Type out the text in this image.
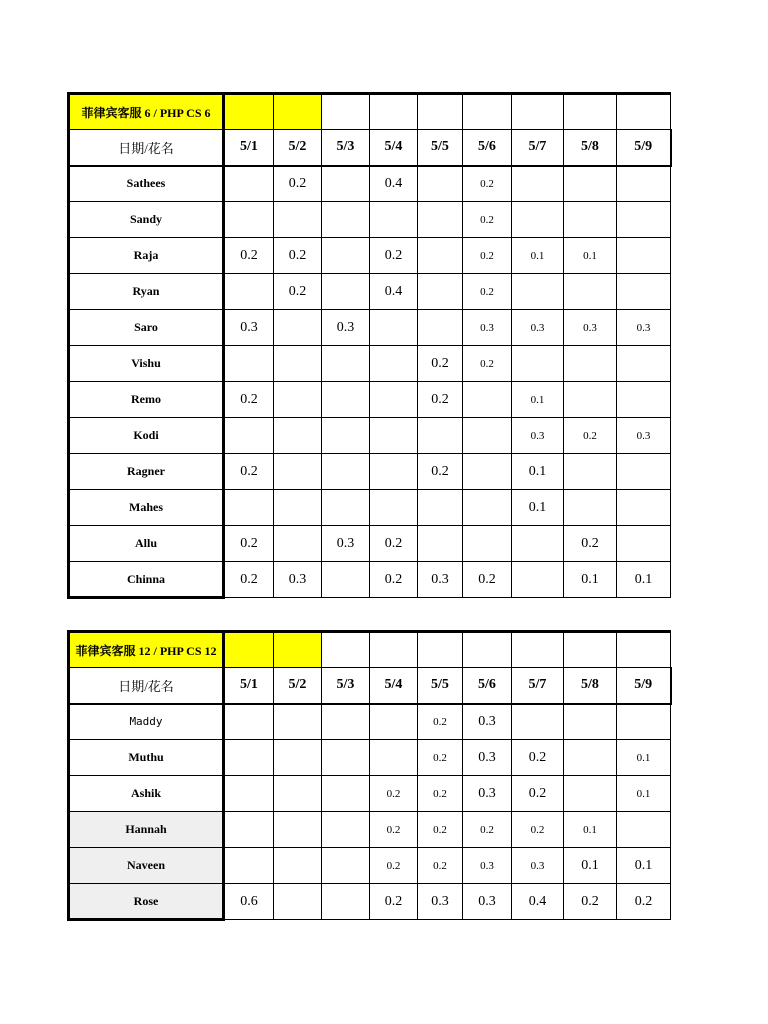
菲律宾客服 6 / PHP CS 6									
日期/花名	5/1	5/2	5/3	5/4	5/5	5/6	5/7	5/8	5/9
Sathees		0.2		0.4		0.2			
Sandy						0.2			
Raja	0.2	0.2		0.2		0.2	0.1	0.1	
Ryan		0.2		0.4		0.2			
Saro	0.3		0.3			0.3	0.3	0.3	0.3
Vishu					0.2	0.2			
Remo	0.2				0.2		0.1		
Kodi							0.3	0.2	0.3
Ragner	0.2				0.2		0.1		
Mahes							0.1		
Allu	0.2		0.3	0.2				0.2	
Chinna	0.2	0.3		0.2	0.3	0.2		0.1	0.1
菲律宾客服 12 / PHP CS 12									
日期/花名	5/1	5/2	5/3	5/4	5/5	5/6	5/7	5/8	5/9
Maddy					0.2	0.3			
Muthu					0.2	0.3	0.2		0.1
Ashik				0.2	0.2	0.3	0.2		0.1
Hannah				0.2	0.2	0.2	0.2	0.1	
Naveen				0.2	0.2	0.3	0.3	0.1	0.1
Rose	0.6			0.2	0.3	0.3	0.4	0.2	0.2
